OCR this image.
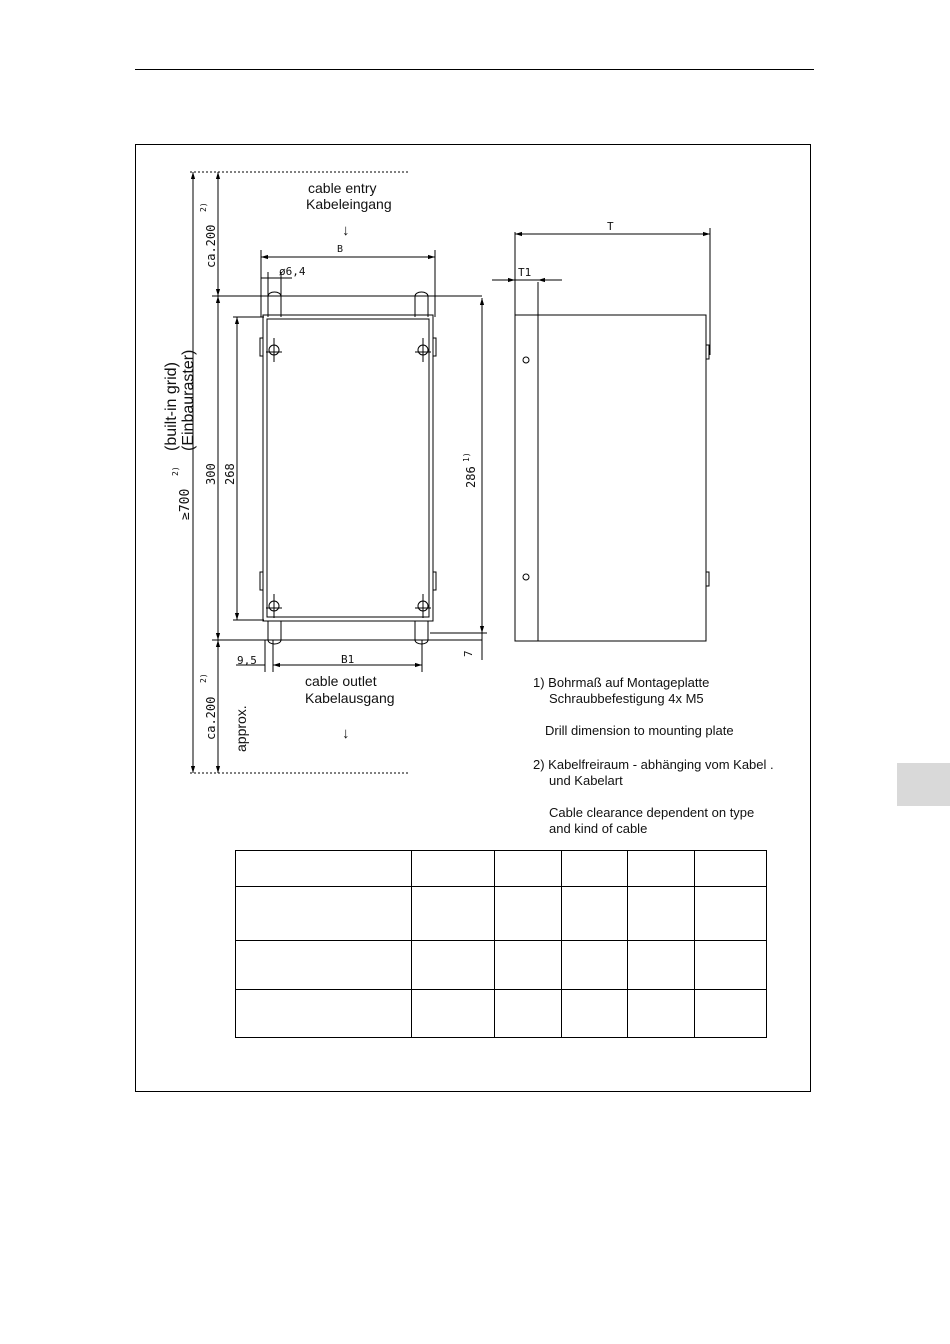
cable entry
Kabeleingang
↓
B
ø6,4
9,5	B1
cable outlet
Kabelausgang
↓
ca.200
2)
ca.200
2)
≥700
2)
(built-in grid) (Einbauraster)
300 268	286
1)
7
approx.
T
T1
1) Bohrmaß auf Montageplatte
Schraubbefestigung 4x M5
Drill dimension to mounting plate
2) Kabelfreiraum - abhänging vom Kabel .
und Kabelart
Cable clearance dependent on type
and kind of cable
